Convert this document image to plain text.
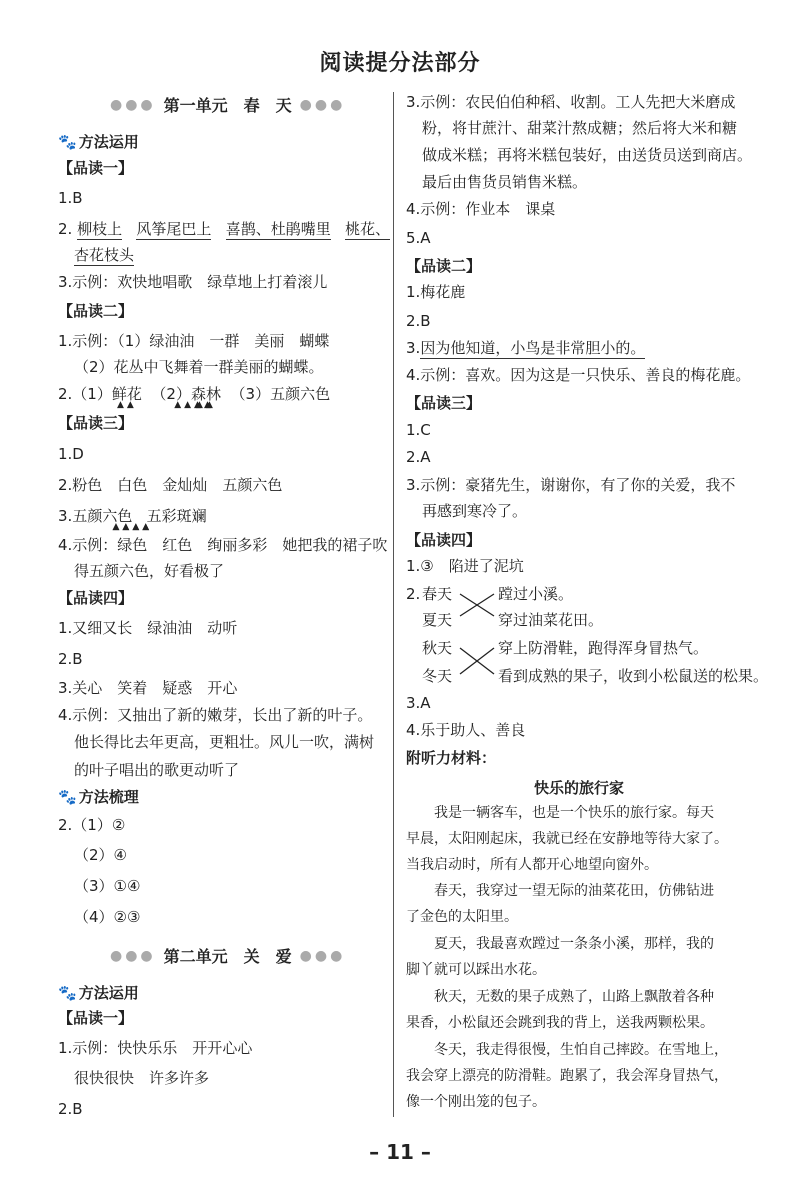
阅读提分法部分
●●● 第一单元　春　天 ●●●
🐾 方法运用
【品读一】
1.B
2. 柳枝上 风筝尾巴上 喜鹊、杜鹃嘴里 桃花、
杏花枝头
3.示例：欢快地唱歌　绿草地上打着滚儿
【品读二】
1.示例：（1）绿油油　一群　美丽　蝴蝶
（2）花丛中飞舞着一群美丽的蝴蝶。
2.（1）鲜花 ▲▲ （2）森林 ▲▲ （3）五颜六色 ▲▲▲▲
【品读三】
1.D
2.粉色　白色　金灿灿　五颜六色
3.五颜六色 ▲▲▲▲ 五彩斑斓 ▲▲▲▲
4.示例：绿色　红色　绚丽多彩　她把我的裙子吹
得五颜六色，好看极了
【品读四】
1.又细又长　绿油油　动听
2.B
3.关心　笑着　疑惑　开心
4.示例：又抽出了新的嫩芽，长出了新的叶子。
他长得比去年更高，更粗壮。风儿一吹，满树
的叶子唱出的歌更动听了
🐾 方法梳理
2.（1）②
（2）④
（3）①④
（4）②③
●●● 第二单元　关　爱 ●●●
🐾 方法运用
【品读一】
1.示例：快快乐乐　开开心心
很快很快　许多许多
2.B
3.示例：农民伯伯种稻、收割。工人先把大米磨成
粉，将甘蔗汁、甜菜汁熬成糖；然后将大米和糖
做成米糕；再将米糕包装好，由送货员送到商店。
最后由售货员销售米糕。
4.示例：作业本　课桌
5.A
【品读二】
1.梅花鹿
2.B
3.因为他知道，小鸟是非常胆小的。
4.示例：喜欢。因为这是一只快乐、善良的梅花鹿。
【品读三】
1.C
2.A
3.示例：豪猪先生，谢谢你，有了你的关爱，我不
再感到寒冷了。
【品读四】
1.③　陷进了泥坑
2. 春天
夏天
秋天
冬天
蹚过小溪。
穿过油菜花田。
穿上防滑鞋，跑得浑身冒热气。
看到成熟的果子，收到小松鼠送的松果。
3.A
4.乐于助人、善良
附听力材料：
快乐的旅行家
　　我是一辆客车，也是一个快乐的旅行家。每天
早晨，太阳刚起床，我就已经在安静地等待大家了。
当我启动时，所有人都开心地望向窗外。
　　春天，我穿过一望无际的油菜花田，仿佛钻进
了金色的太阳里。
　　夏天，我最喜欢蹚过一条条小溪，那样，我的
脚丫就可以踩出水花。
　　秋天，无数的果子成熟了，山路上飘散着各种
果香，小松鼠还会跳到我的背上，送我两颗松果。
　　冬天，我走得很慢，生怕自己摔跤。在雪地上，
我会穿上漂亮的防滑鞋。跑累了，我会浑身冒热气，
像一个刚出笼的包子。
– 11 –
